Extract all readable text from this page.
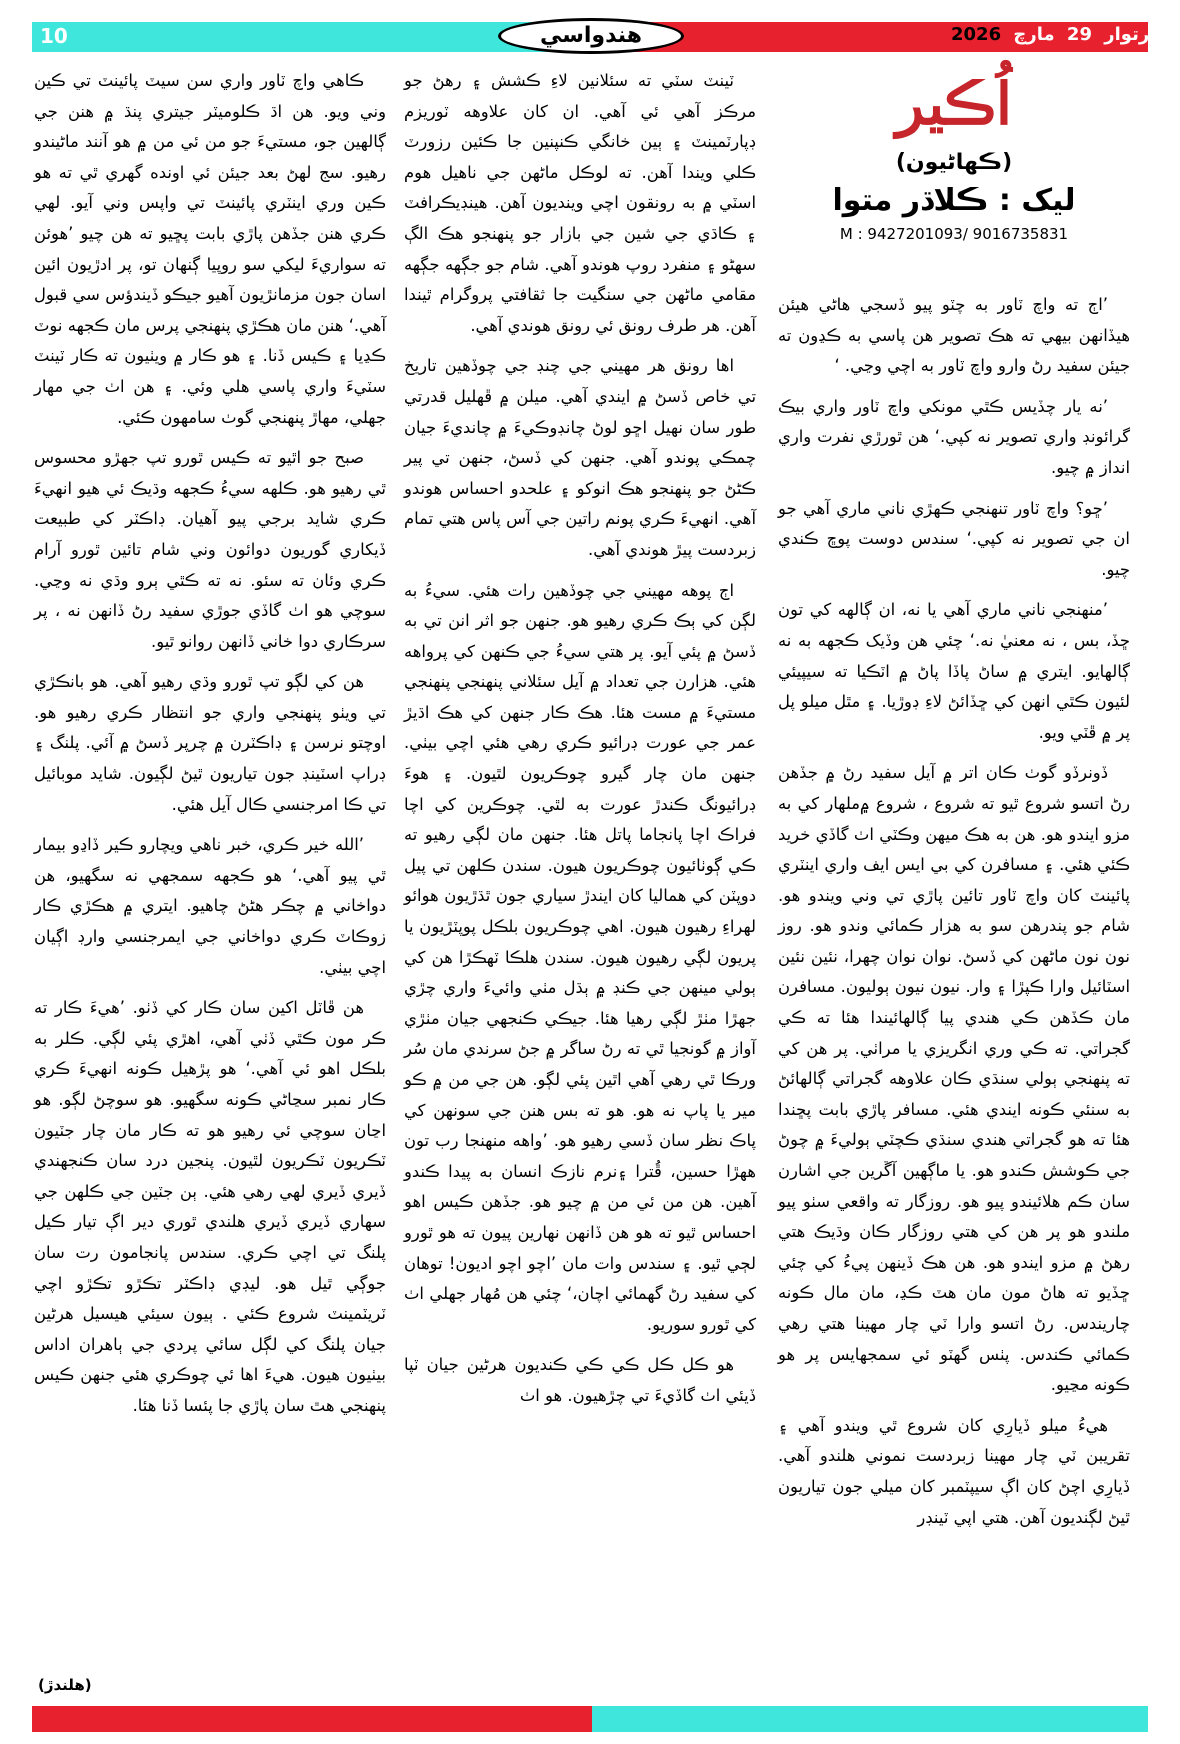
10	هندواسي	آرتوار 29 مارچ 2026
اُڪير
(ڪهاڻيون)
ليک : ڪلاڌر متوا
M : 9427201093/ 9016735831

’اڄ ته واچ ٽاور به چٽو پيو ڏسجي هاڻي هيئن هيڏانهن بيهي ته هڪ تصوير هن پاسي به ڪڍون ته جيئن سفيد رڻ وارو واچ ٽاور به اچي وڃي. ‘

’نه يار چڏيس ڪٿي مونکي واچ ٽاور واري بيڪ گرائونڊ واري تصوير نه کپي.‘ هن ٿورڙي نفرت واري انداز ۾ چيو.

’ڇو؟ واچ ٽاور تنهنجي ڪهڙي ناني ماري آهي جو ان جي تصوير نه کپي.‘ سندس دوست پوڇ ڪندي چيو.

’منهنجي ناني ماري آهي يا نه، ان ڳالهه کي تون ڇڏ، بس ، نه معنيٰ نه.‘ چئي هن وڏيک ڪجهه به نه ڳالهايو. ايتري ۾ ساڻ پاڏا پاڻ ۾ اٽڪيا ته سيپيئي لئيون ڪٿي انهن کي ڇڏائڻ لاءِ ڊوڙيا. ۽ مٿل ميلو پل پر ۾ ڦٽي ويو.

ڏونرڏو گوٺ ڪان اتر ۾ آيل سفيد رڻ ۾ جڏهن رڻ اتسو شروع ٿيو ته شروع ، شروع ۾ملهار کي به مزو ايندو هو. هن به هڪ ميهن وڪٽي اٺ گاڏي خريد ڪئي هئي. ۽ مسافرن کي بي ايس ايف واري اينٽري پائينٽ کان واچ ٽاور تائين پاڙي تي وني ويندو هو. شام جو پندرهن سو به هزار ڪمائي وندو هو. روز نون نون ماڻهن کي ڏسڻ. نوان نوان چهرا، نئين نئين اسٽائيل وارا ڪپڙا ۽ وار. نيون نيون ٻوليون. مسافرن مان ڪڏهن ڪي هندي پيا ڳالهائيندا هئا ته ڪي گجراتي. ته ڪي وري انگريزي يا مراٺي. پر هن کي ته پنهنجي ٻولي سنڌي ڪان علاوهه گجراتي ڳالهائڻ به سنئي ڪونه ايندي هئي. مسافر پاڙي بابت پڇندا هئا ته هو گجراتي هندي سنڌي ڪچٽي ٻوليءَ ۾ چوڻ جي ڪوشش ڪندو هو. يا ماڳهين آڱرين جي اشارن سان ڪم هلائيندو پيو هو. روزگار ته واقعي سٺو پيو ملندو هو پر هن کي هتي روزگار ڪان وڌيڪ هتي رهڻ ۾ مزو ايندو هو. هن هڪ ڏينهن پيءُ کي چئي ڇڏيو ته هاڻ مون مان هٽ ڪڍ، مان مال ڪونه چاريندس. رڻ اتسو وارا ٽي چار مهينا هتي رهي ڪمائي ڪندس. پٺس گهٽو ئي سمجهايس پر هو ڪونه مڃيو.

هيءُ ميلو ڏيارِي کان شروع ٿي ويندو آهي ۽ تقريبن ٽي چار مهينا زبردست نموني هلندو آهي. ڏيارِي اچڻ کان اڳ سيپٽمبر کان ميلي جون تياريون ٿيڻ لڳنديون آهن. هتي اپي ٽينڊر

ٽينٽ سٽي ته سئلانين لاءِ ڪشش ۽ رهڻ جو مرڪز آهي ئي آهي. ان کان علاوهه ٽوريزم ڊپارٽمينٽ ۽ ٻين خانگي ڪنپنين جا ڪئين رزورٽ ڪلي ويندا آهن. ته لوڪل ماڻهن جي ناهيل هوم اسٽي ۾ به رونقون اچي وينديون آهن. هينڊيڪرافٽ ۽ ڪاڌي جي شين جي بازار جو پنهنجو هڪ الڳ سهڻو ۽ منفرد روپ هوندو آهي. شام جو جڳهه جڳهه مقامي ماڻهن جي سنگيت جا ثقافتي پروگرام ٿيندا آهن. هر طرف رونق ئي رونق هوندي آهي.

اها رونق هر مهيني جي چنڊ جي چوڏهين تاريخ تي خاص ڏسڻ ۾ ايندي آهي. ميلن ۾ ڦهليل قدرتي طور سان نهيل اڇو لوڻ چانڊوڪيءَ ۾ چانديءَ جيان چمڪي پوندو آهي. جنهن کي ڏسڻ، جنهن تي پير ڪڻڻ جو پنهنجو هڪ انوکو ۽ علحدو احساس هوندو آهي. انهيءَ ڪري پونم راتين جي آس پاس هتي تمام زبردست پيڙ هوندي آهي.

اڄ پوهه مهيني جي چوڏهين رات هئي. سيءُ به لڳن کي ٻڪ ڪري رهيو هو. جنهن جو اثر انن تي به ڏسڻ ۾ پئي آيو. پر هتي سيءُ جي ڪنهن کي پرواهه هئي. هزارن جي تعداد ۾ آيل سئلاني پنهنجي پنهنجي مستيءَ ۾ مست هئا. هڪ ڪار جنهن کي هڪ اڌيڙ عمر جي عورت ڊرائيو ڪري رهي هئي اچي بيٺي. جنهن مان چار گيرو چوڪريون لٿيون. ۽ هوءَ ڊرائيونگ ڪندڙ عورت به لٿي. چوڪرين کي اچا فراڪ اچا پانجاما پاتل هئا. جنهن مان لڳي رهيو ته ڪي ڳوٺائيون چوڪريون هيون. سندن ڪلهن تي پيل دوپٽن کي هماليا کان ايندڙ سياري جون ٿڌڙيون هوائو لهراءِ رهيون هيون. اهي چوڪريون بلڪل پوپٽڙيون يا پريون لڳي رهيون هيون. سندن هلڪا ٽهڪڙا هن کي ٻولي مينهن جي ڪنڊ ۾ ٻڌل مٺي وائيءَ واري چڙي جهڙا مٺڙ لڳي رهيا هئا. جيڪي ڪنجهي جيان مٺڙي آواز ۾ گونجيا ٿي ته رڻ ساگر ۾ جڻ سرندي مان سُر ورڪا ٿي رهي آهي اٿين پئي لڳو. هن جي من ۾ ڪو مير يا پاپ نه هو. هو ته بس هنن جي سونهن کي پاڪ نظر سان ڏسي رهيو هو. ’واهه منهنجا رب تون ههڙا حسين، ڦُترا ۽نرم نازڪ انسان به پيدا ڪندو آهين. هن من ئي من ۾ چيو هو. جڏهن ڪيس اهو احساس ٿيو ته هو هن ڏانهن نهارين پيون ته هو ٿورو لڄي ٿيو. ۽ سندس وات مان ’اچو اچو اديون! توهان کي سفيد رڻ گهمائي اچان،‘ چئي هن مُهار جهلي اٺ کي ٿورو سوريو.

هو ڪل ڪل ڪي ڪي ڪنديون هرڻين جيان ٽپا ڏيئي اٺ گاڏيءَ تي چڙهيون. هو اٺ

ڪاهي واچ ٽاور واري سن سيٽ پائينٽ تي ڪين وني ويو. هن اڌ ڪلوميٽر جيتري پنڌ ۾ هنن جي ڳالهين جو، مستيءَ جو من ئي من ۾ هو آنند ماڻيندو رهيو. سج لهڻ بعد جيئن ئي اونده گهري ٿي ته هو ڪين وري اينٽري پائينٽ تي واپس وني آيو. لهي ڪري هنن جڏهن پاڙي بابت پڇيو ته هن چيو ’هوئن ته سواريءَ ليکي سو روپيا ڳنهان تو، پر ادڙيون ائين اسان جون مزمانڙيون آهيو جيڪو ڏيندؤس سي قبول آهي.‘ هنن مان هڪڙي پنهنجي پرس مان ڪجهه نوٽ ڪڍيا ۽ ڪيس ڏنا. ۽ هو ڪار ۾ ويٺيون ته ڪار ٽينٽ سٽيءَ واري پاسي هلي وئي. ۽ هن اٺ جي مهار جهلي، مهاڙ پنهنجي گوٺ سامهون ڪئي.

صبح جو اٿيو ته ڪيس ٿورو تپ جهڙو محسوس ٿي رهيو هو. ڪلهه سيءُ ڪجهه وڌيڪ ئي هيو انهيءَ ڪري شايد برجي پيو آهيان. ڊاڪٽر کي طبيعت ڏيکاري گوريون دوائون وني شام تائين ٿورو آرام ڪري وئان ته سئو. نه ته ڪٿي ٻرو وڌي نه وڃي. سوچي هو اٺ گاڏي جوڙي سفيد رڻ ڏانهن نه ، پر سرڪاري دوا خاني ڏانهن روانو ٿيو.

هن کي لڳو تپ ٿورو وڌي رهيو آهي. هو بانڪڙي تي ويٺو پنهنجي واري جو انتظار ڪري رهيو هو. اوچتو نرسن ۽ ڊاڪٽرن ۾ چرپر ڏسڻ ۾ آئي. پلنگ ۽ ڊراپ اسٽينڊ جون تياريون ٿيڻ لڳيون. شايد موبائيل تي ڪا امرجنسي ڪال آيل هئي.

’الله خير ڪري، خبر ناهي ويچارو ڪير ڏاڍو بيمار ٿي پيو آهي.‘ هو ڪجهه سمجهي نه سگهيو، هن دواخاني ۾ چڪر هڻڻ چاهيو. ايتري ۾ هڪڙي ڪار زوڪاٽ ڪري دواخاني جي ايمرجنسي وارڊ اڳيان اچي بيٺي.

هن ڦاٽل اکين سان ڪار کي ڏٺو. ’هيءَ ڪار ته ڪر مون ڪٿي ڏٺي آهي، اهڙي پئي لڳي. ڪلر به بلڪل اهو ئي آهي.‘ هو پڙهيل ڪونه انهيءَ ڪري ڪار نمبر سڃاڻي ڪونه سگهيو. هو سوچڻ لڳو. هو اڃان سوچي ئي رهيو هو ته ڪار مان چار جٽيون ٽڪريون ٽڪريون لٿيون. پنجين درد سان ڪنجهندي ڏيري ڏيري لهي رهي هئي. ٻن جٽين جي ڪلهن جي سهاري ڏيري ڏيري هلندي ٿوري دير اڳ تيار ڪيل پلنگ تي اچي ڪري. سندس پانجامون رت سان جوڳي ٿيل هو. ليڊي ڊاڪٽر تڪڙو تڪڙو اچي ٽريٽمينٽ شروع ڪئي . ٻيون سيئي هيسيل هرڻين جيان پلنگ کي لڳل سائي پردي جي ٻاهران اداس بيٺيون هيون. هيءَ اها ئي چوڪري هئي جنهن ڪيس پنهنجي هٿ سان پاڙي جا پئسا ڏنا هئا.

(هلندڙ)
